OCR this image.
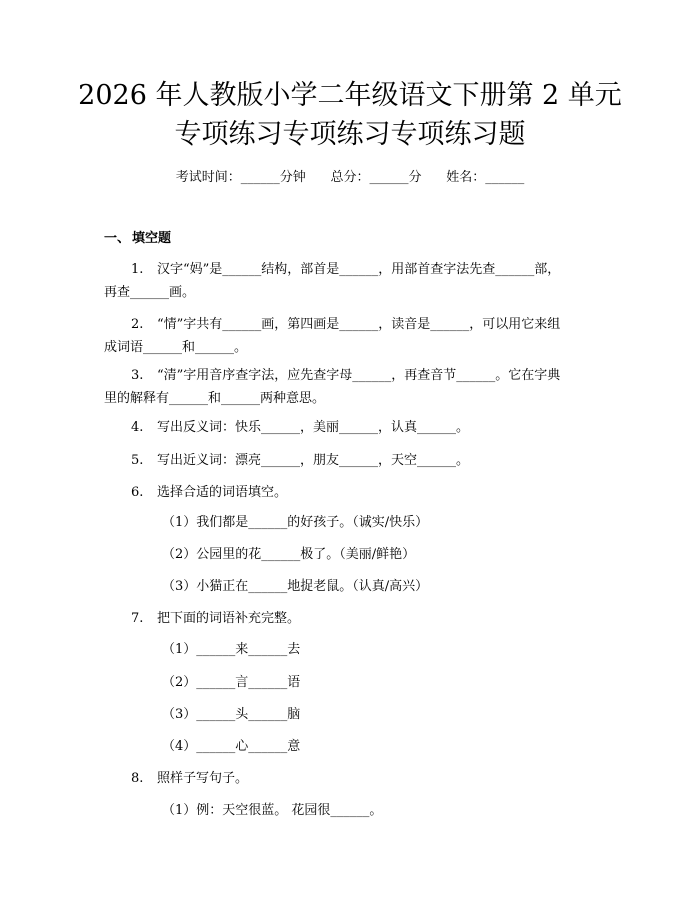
2026 年人教版小学二年级语文下册第 2 单元
专项练习专项练习专项练习题
考试时间：______分钟      总分：______分      姓名：______
一、 填空题
1. 汉字“妈”是______结构，部首是______，用部首查字法先查______部，
再查______画。
2. “情”字共有______画，第四画是______，读音是______，可以用它来组
成词语______和______。
3. “清”字用音序查字法，应先查字母______，再查音节______。它在字典
里的解释有______和______两种意思。
4. 写出反义词：快乐______，美丽______，认真______。
5. 写出近义词：漂亮______，朋友______，天空______。
6. 选择合适的词语填空。
（1）我们都是______的好孩子。（诚实/快乐）
（2）公园里的花______极了。（美丽/鲜艳）
（3）小猫正在______地捉老鼠。（认真/高兴）
7. 把下面的词语补充完整。
（1）______来______去
（2）______言______语
（3）______头______脑
（4）______心______意
8. 照样子写句子。
（1）例：天空很蓝。 花园很______。
